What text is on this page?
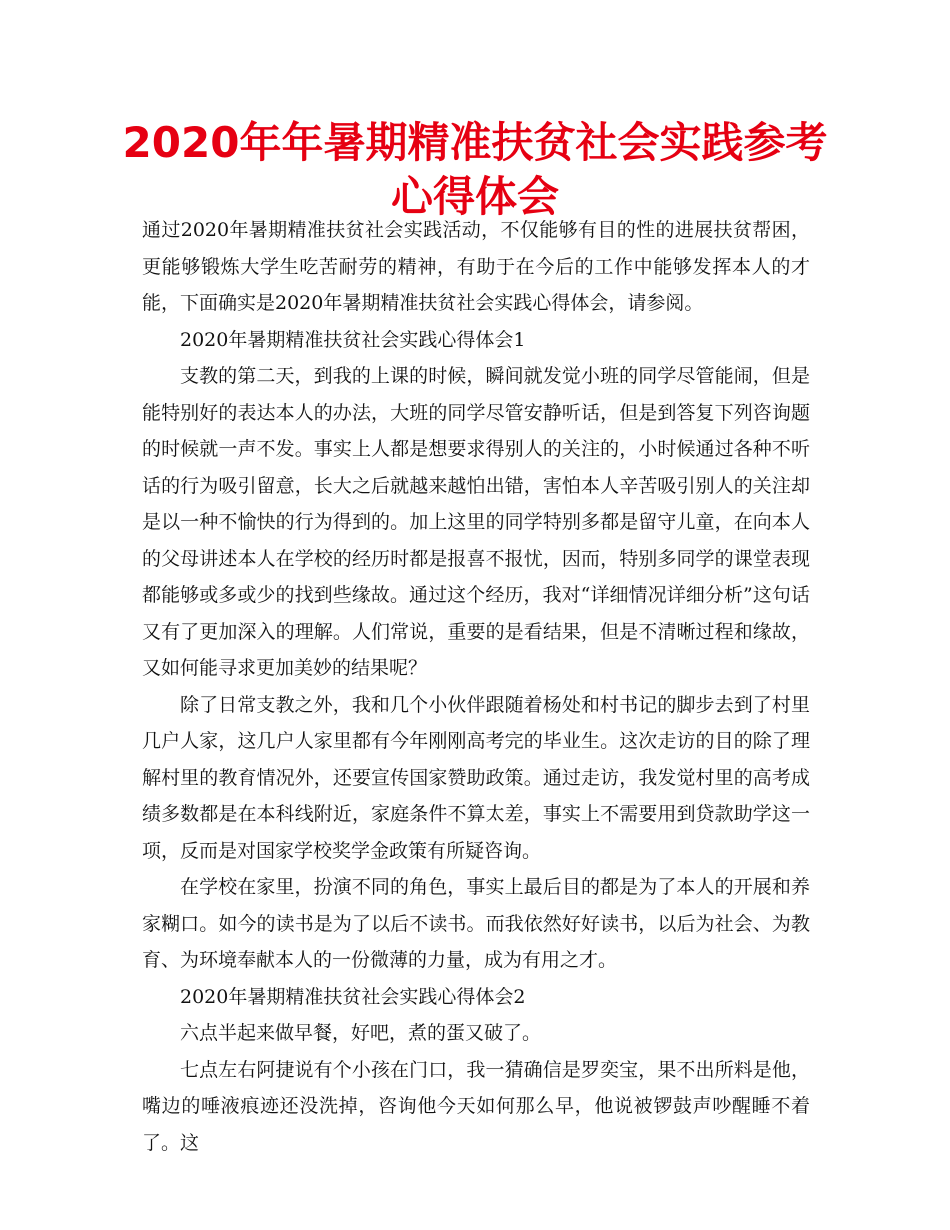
2020年年暑期精准扶贫社会实践参考心得体会

通过2020年暑期精准扶贫社会实践活动，不仅能够有目的性的进展扶贫帮困，更能够锻炼大学生吃苦耐劳的精神，有助于在今后的工作中能够发挥本人的才能，下面确实是2020年暑期精准扶贫社会实践心得体会，请参阅。

2020年暑期精准扶贫社会实践心得体会1

支教的第二天，到我的上课的时候，瞬间就发觉小班的同学尽管能闹，但是能特别好的表达本人的办法，大班的同学尽管安静听话，但是到答复下列咨询题的时候就一声不发。事实上人都是想要求得别人的关注的，小时候通过各种不听话的行为吸引留意，长大之后就越来越怕出错，害怕本人辛苦吸引别人的关注却是以一种不愉快的行为得到的。加上这里的同学特别多都是留守儿童，在向本人的父母讲述本人在学校的经历时都是报喜不报忧，因而，特别多同学的课堂表现都能够或多或少的找到些缘故。通过这个经历，我对“详细情况详细分析”这句话又有了更加深入的理解。人们常说，重要的是看结果，但是不清晰过程和缘故，又如何能寻求更加美妙的结果呢？

除了日常支教之外，我和几个小伙伴跟随着杨处和村书记的脚步去到了村里几户人家，这几户人家里都有今年刚刚高考完的毕业生。这次走访的目的除了理解村里的教育情况外，还要宣传国家赞助政策。通过走访，我发觉村里的高考成绩多数都是在本科线附近，家庭条件不算太差，事实上不需要用到贷款助学这一项，反而是对国家学校奖学金政策有所疑咨询。

在学校在家里，扮演不同的角色，事实上最后目的都是为了本人的开展和养家糊口。如今的读书是为了以后不读书。而我依然好好读书，以后为社会、为教育、为环境奉献本人的一份微薄的力量，成为有用之才。

2020年暑期精准扶贫社会实践心得体会2

六点半起来做早餐，好吧，煮的蛋又破了。

七点左右阿捷说有个小孩在门口，我一猜确信是罗奕宝，果不出所料是他，嘴边的唾液痕迹还没洗掉，咨询他今天如何那么早，他说被锣鼓声吵醒睡不着了。这
